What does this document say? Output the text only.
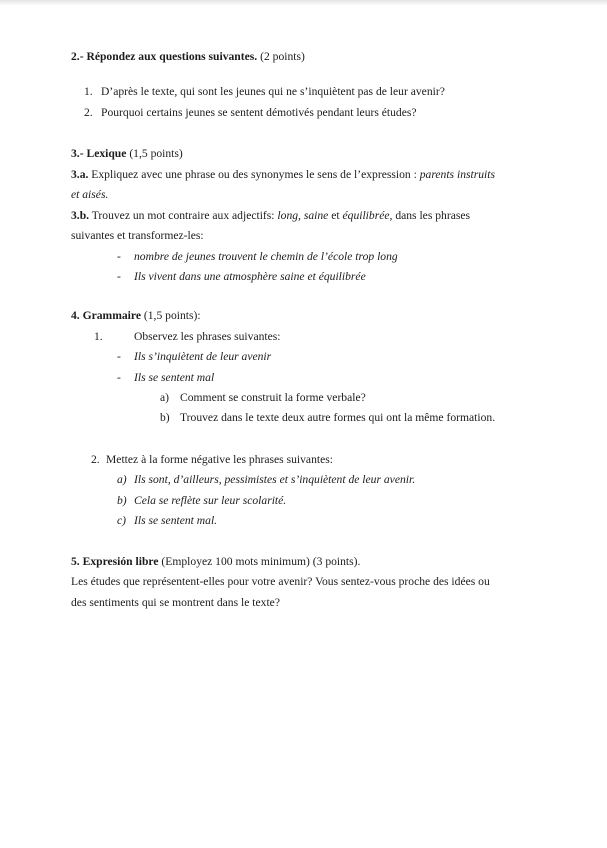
2.- Répondez aux questions suivantes. (2 points)
1. D’après le texte, qui sont les jeunes qui ne s’inquiètent pas de leur avenir?
2. Pourquoi certains jeunes se sentent démotivés pendant leurs études?
3.- Lexique (1,5 points)
3.a. Expliquez avec une phrase ou des synonymes le sens de l’expression : parents instruits
et aisés.
3.b. Trouvez un mot contraire aux adjectifs: long, saine et équilibrée, dans les phrases
suivantes et transformez-les:
- nombre de jeunes trouvent le chemin de l’école trop long
- Ils vivent dans une atmosphère saine et équilibrée
4. Grammaire (1,5 points):
1.	Observez les phrases suivantes:
- Ils s’inquiètent de leur avenir
- Ils se sentent mal
a) Comment se construit la forme verbale?
b) Trouvez dans le texte deux autre formes qui ont la même formation.
2. Mettez à la forme négative les phrases suivantes:
a) Ils sont, d’ailleurs, pessimistes et s’inquiètent de leur avenir.
b) Cela se reflète sur leur scolarité.
c) Ils se sentent mal.
5. Expresión libre (Employez 100 mots minimum) (3 points).
Les études que représentent-elles pour votre avenir? Vous sentez-vous proche des idées ou
des sentiments qui se montrent dans le texte?
